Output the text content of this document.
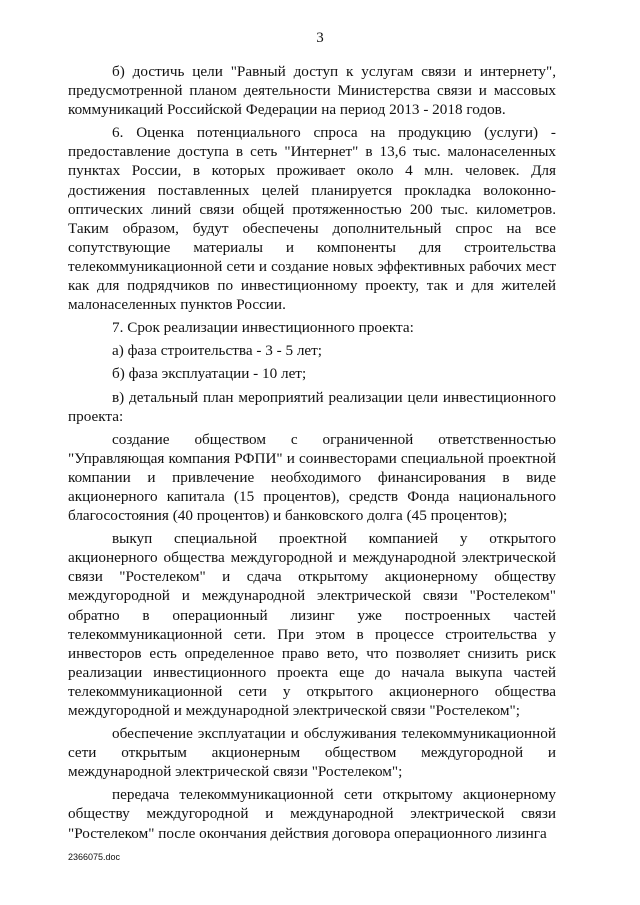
3

б) достичь цели "Равный доступ к услугам связи и интернету", предусмотренной планом деятельности Министерства связи и массовых коммуникаций Российской Федерации на период 2013 - 2018 годов.

6. Оценка потенциального спроса на продукцию (услуги) - предоставление доступа в сеть "Интернет" в 13,6 тыс. малонаселенных пунктах России, в которых проживает около 4 млн. человек. Для достижения поставленных целей планируется прокладка волоконно-оптических линий связи общей протяженностью 200 тыс. километров. Таким образом, будут обеспечены дополнительный спрос на все сопутствующие материалы и компоненты для строительства телекоммуникационной сети и создание новых эффективных рабочих мест как для подрядчиков по инвестиционному проекту, так и для жителей малонаселенных пунктов России.

7. Срок реализации инвестиционного проекта:

а) фаза строительства - 3 - 5 лет;

б) фаза эксплуатации - 10 лет;

в) детальный план мероприятий реализации цели инвестиционного проекта:

создание обществом с ограниченной ответственностью "Управляющая компания РФПИ" и соинвесторами специальной проектной компании и привлечение необходимого финансирования в виде акционерного капитала (15 процентов), средств Фонда национального благосостояния (40 процентов) и банковского долга (45 процентов);

выкуп специальной проектной компанией у открытого акционерного общества междугородной и международной электрической связи "Ростелеком" и сдача открытому акционерному обществу междугородной и международной электрической связи "Ростелеком" обратно в операционный лизинг уже построенных частей телекоммуникационной сети. При этом в процессе строительства у инвесторов есть определенное право вето, что позволяет снизить риск реализации инвестиционного проекта еще до начала выкупа частей телекоммуникационной сети у открытого акционерного общества междугородной и международной электрической связи "Ростелеком";

обеспечение эксплуатации и обслуживания телекоммуникационной сети открытым акционерным обществом междугородной и международной электрической связи "Ростелеком";

передача телекоммуникационной сети открытому акционерному обществу междугородной и международной электрической связи "Ростелеком" после окончания действия договора операционного лизинга

2366075.doc
